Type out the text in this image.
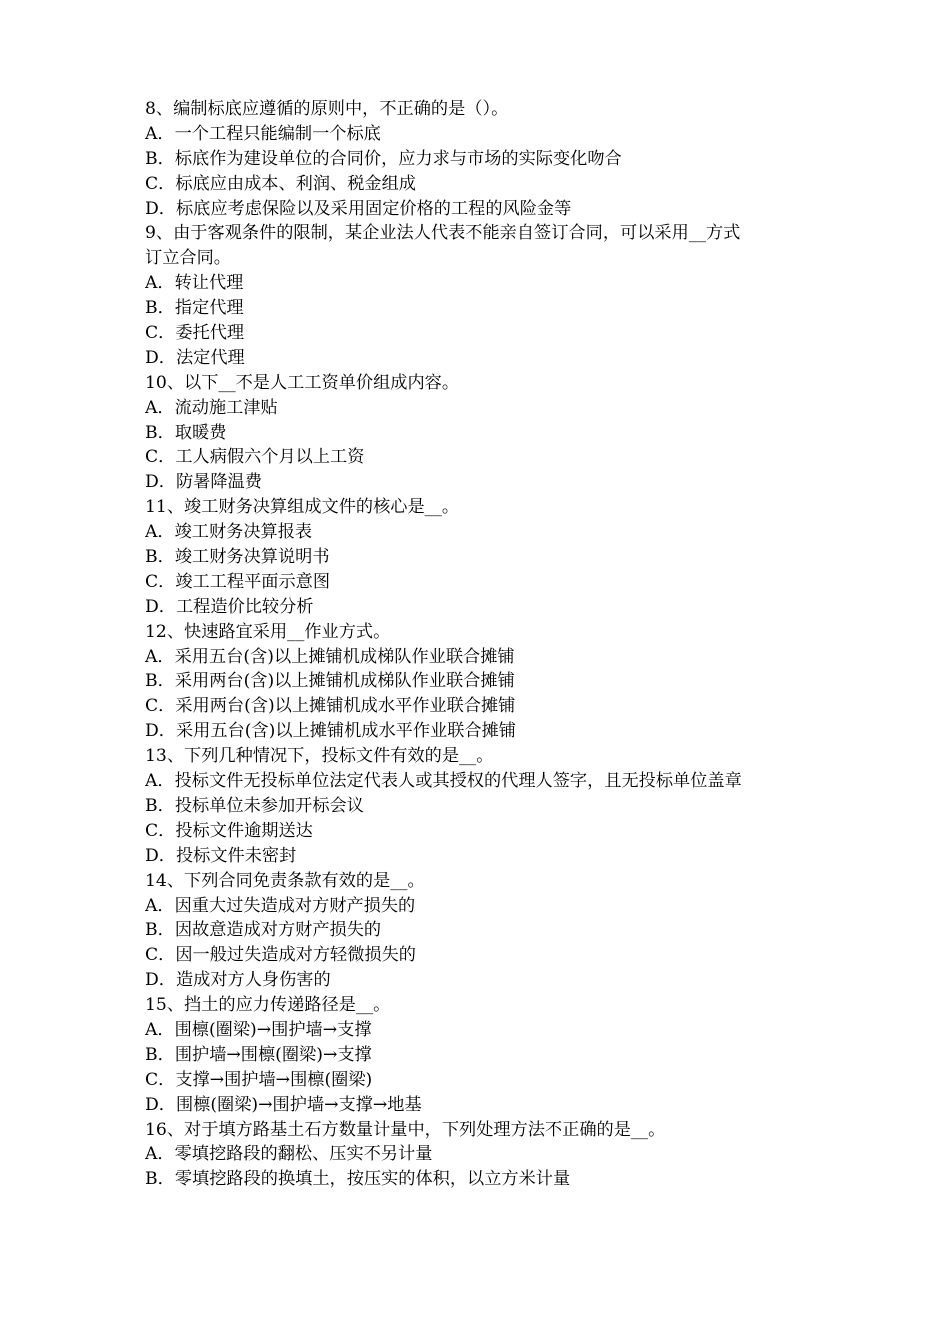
8、编制标底应遵循的原则中，不正确的是（）。
A．一个工程只能编制一个标底
B．标底作为建设单位的合同价，应力求与市场的实际变化吻合
C．标底应由成本、利润、税金组成
D．标底应考虑保险以及采用固定价格的工程的风险金等
9、由于客观条件的限制，某企业法人代表不能亲自签订合同，可以采用__方式
订立合同。
A．转让代理
B．指定代理
C．委托代理
D．法定代理
10、以下__不是人工工资单价组成内容。
A．流动施工津贴
B．取暖费
C．工人病假六个月以上工资
D．防暑降温费
11、竣工财务决算组成文件的核心是__。
A．竣工财务决算报表
B．竣工财务决算说明书
C．竣工工程平面示意图
D．工程造价比较分析
12、快速路宜采用__作业方式。
A．采用五台(含)以上摊铺机成梯队作业联合摊铺
B．采用两台(含)以上摊铺机成梯队作业联合摊铺
C．采用两台(含)以上摊铺机成水平作业联合摊铺
D．采用五台(含)以上摊铺机成水平作业联合摊铺
13、下列几种情况下，投标文件有效的是__。
A．投标文件无投标单位法定代表人或其授权的代理人签字，且无投标单位盖章
B．投标单位未参加开标会议
C．投标文件逾期送达
D．投标文件未密封
14、下列合同免责条款有效的是__。
A．因重大过失造成对方财产损失的
B．因故意造成对方财产损失的
C．因一般过失造成对方轻微损失的
D．造成对方人身伤害的
15、挡土的应力传递路径是__。
A．围檩(圈梁)→围护墙→支撑
B．围护墙→围檩(圈梁)→支撑
C．支撑→围护墙→围檩(圈梁)
D．围檩(圈梁)→围护墙→支撑→地基
16、对于填方路基土石方数量计量中，下列处理方法不正确的是__。
A．零填挖路段的翻松、压实不另计量
B．零填挖路段的换填土，按压实的体积，以立方米计量
